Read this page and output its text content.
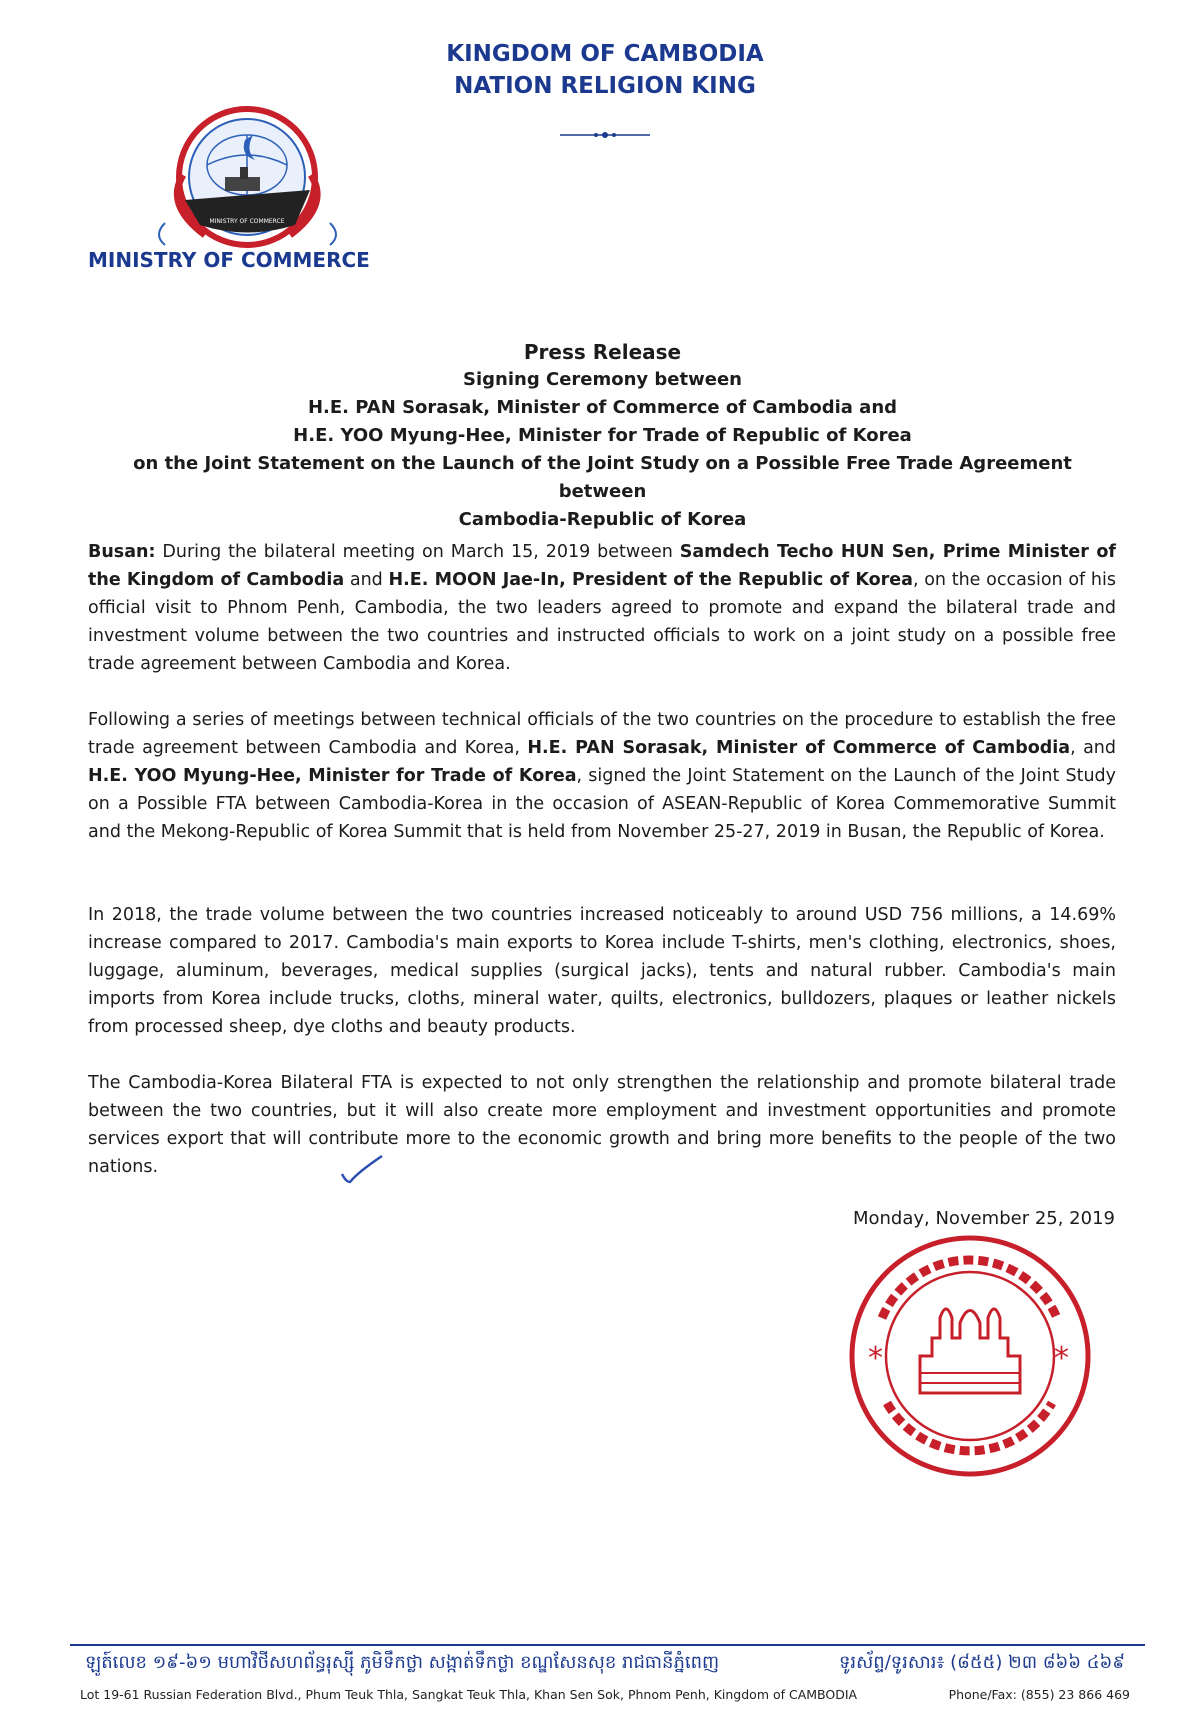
KINGDOM OF CAMBODIA
NATION RELIGION KING
MINISTRY OF COMMERCE
MINISTRY OF COMMERCE
Press Release
Signing Ceremony between
H.E. PAN Sorasak, Minister of Commerce of Cambodia and
H.E. YOO Myung-Hee, Minister for Trade of Republic of Korea
on the Joint Statement on the Launch of the Joint Study on a Possible Free Trade Agreement between
Cambodia-Republic of Korea

Busan: During the bilateral meeting on March 15, 2019 between Samdech Techo HUN Sen, Prime Minister of the Kingdom of Cambodia and H.E. MOON Jae-In, President of the Republic of Korea, on the occasion of his official visit to Phnom Penh, Cambodia, the two leaders agreed to promote and expand the bilateral trade and investment volume between the two countries and instructed officials to work on a joint study on a possible free trade agreement between Cambodia and Korea.

Following a series of meetings between technical officials of the two countries on the procedure to establish the free trade agreement between Cambodia and Korea, H.E. PAN Sorasak, Minister of Commerce of Cambodia, and H.E. YOO Myung-Hee, Minister for Trade of Korea, signed the Joint Statement on the Launch of the Joint Study on a Possible FTA between Cambodia-Korea in the occasion of ASEAN-Republic of Korea Commemorative Summit and the Mekong-Republic of Korea Summit that is held from November 25-27, 2019 in Busan, the Republic of Korea.

In 2018, the trade volume between the two countries increased noticeably to around USD 756 millions, a 14.69% increase compared to 2017. Cambodia's main exports to Korea include T-shirts, men's clothing, electronics, shoes, luggage, aluminum, beverages, medical supplies (surgical jacks), tents and natural rubber. Cambodia's main imports from Korea include trucks, cloths, mineral water, quilts, electronics, bulldozers, plaques or leather nickels from processed sheep, dye cloths and beauty products.

The Cambodia-Korea Bilateral FTA is expected to not only strengthen the relationship and promote bilateral trade between the two countries, but it will also create more employment and investment opportunities and promote services export that will contribute more to the economic growth and bring more benefits to the people of the two nations.

Monday, November 25, 2019
*	*
ឡូត៍លេខ ១៩-៦១ មហាវិថីសហព័ន្ធរុស្ស៊ី ភូមិទឹកថ្លា សង្កាត់ទឹកថ្លា ខណ្ឌសែនសុខ រាជធានីភ្នំពេញ	ទូរស័ព្ទ/ទូរសារ៖ (៨៥៥) ២៣ ៨៦៦ ៤៦៩
Lot 19-61 Russian Federation Blvd., Phum Teuk Thla, Sangkat Teuk Thla, Khan Sen Sok, Phnom Penh, Kingdom of CAMBODIA	Phone/Fax: (855) 23 866 469
